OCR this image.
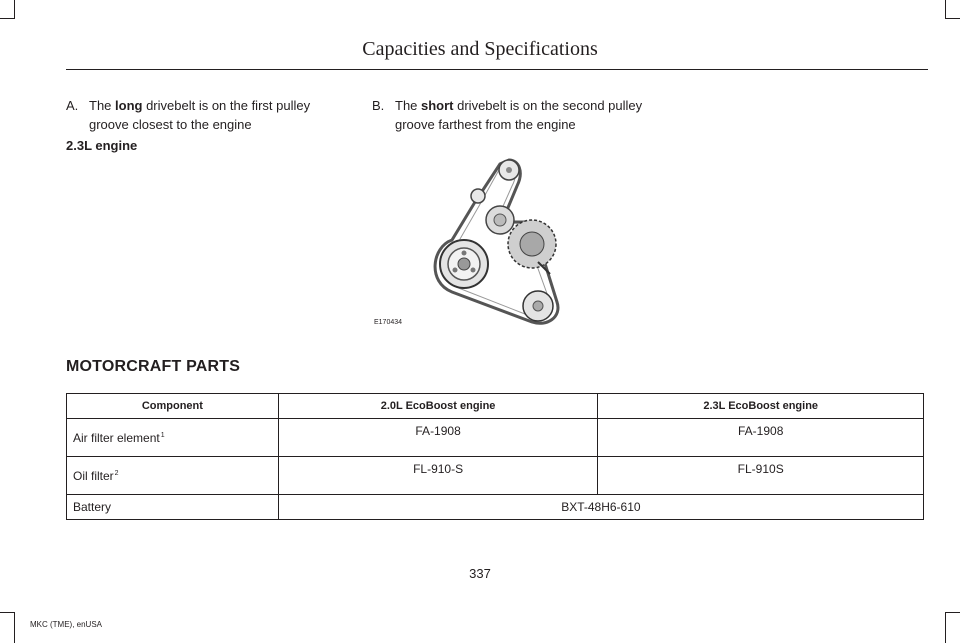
Capacities and Specifications
A. The long drivebelt is on the first pulley groove closest to the engine
B. The short drivebelt is on the second pulley groove farthest from the engine
2.3L engine
E170434
MOTORCRAFT PARTS
Component	2.0L EcoBoost engine	2.3L EcoBoost engine
Air filter element$^1$	FA-1908	FA-1908
Oil filter$^2$	FL-910-S	FL-910S
Battery	BXT-48H6-610	
337
MKC (TME), enUSA
